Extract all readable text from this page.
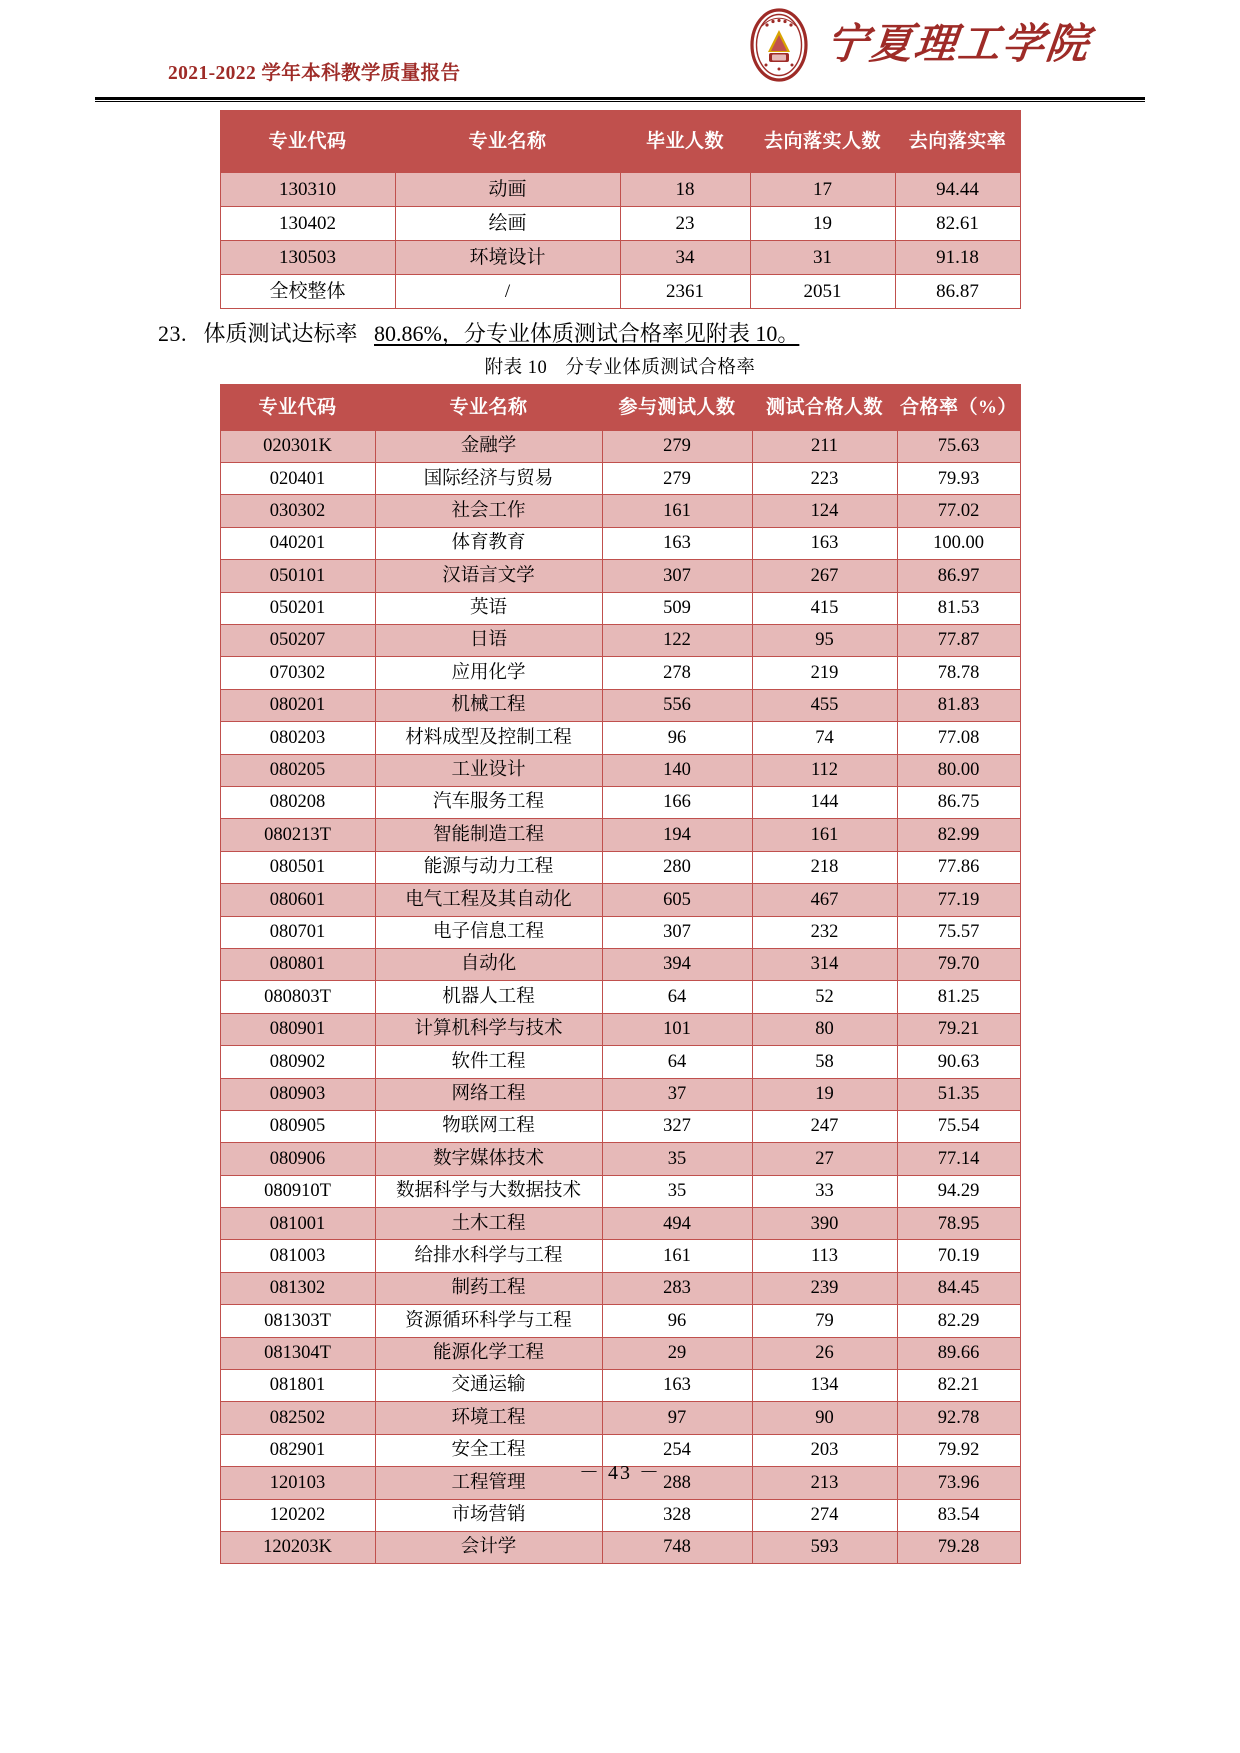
2021-2022 学年本科教学质量报告
宁夏理工学院
专业代码	专业名称	毕业人数	去向落实人数	去向落实率
130310	动画	18	17	94.44
130402	绘画	23	19	82.61
130503	环境设计	34	31	91.18
全校整体	/	2361	2051	86.87
23. 体质测试达标率 80.86%，分专业体质测试合格率见附表 10。
附表 10 分专业体质测试合格率
专业代码	专业名称	参与测试人数	测试合格人数	合格率（%）
020301K	金融学	279	211	75.63
020401	国际经济与贸易	279	223	79.93
030302	社会工作	161	124	77.02
040201	体育教育	163	163	100.00
050101	汉语言文学	307	267	86.97
050201	英语	509	415	81.53
050207	日语	122	95	77.87
070302	应用化学	278	219	78.78
080201	机械工程	556	455	81.83
080203	材料成型及控制工程	96	74	77.08
080205	工业设计	140	112	80.00
080208	汽车服务工程	166	144	86.75
080213T	智能制造工程	194	161	82.99
080501	能源与动力工程	280	218	77.86
080601	电气工程及其自动化	605	467	77.19
080701	电子信息工程	307	232	75.57
080801	自动化	394	314	79.70
080803T	机器人工程	64	52	81.25
080901	计算机科学与技术	101	80	79.21
080902	软件工程	64	58	90.63
080903	网络工程	37	19	51.35
080905	物联网工程	327	247	75.54
080906	数字媒体技术	35	27	77.14
080910T	数据科学与大数据技术	35	33	94.29
081001	土木工程	494	390	78.95
081003	给排水科学与工程	161	113	70.19
081302	制药工程	283	239	84.45
081303T	资源循环科学与工程	96	79	82.29
081304T	能源化学工程	29	26	89.66
081801	交通运输	163	134	82.21
082502	环境工程	97	90	92.78
082901	安全工程	254	203	79.92
120103	工程管理	288	213	73.96
120202	市场营销	328	274	83.54
120203K	会计学	748	593	79.28
－ 43 －
